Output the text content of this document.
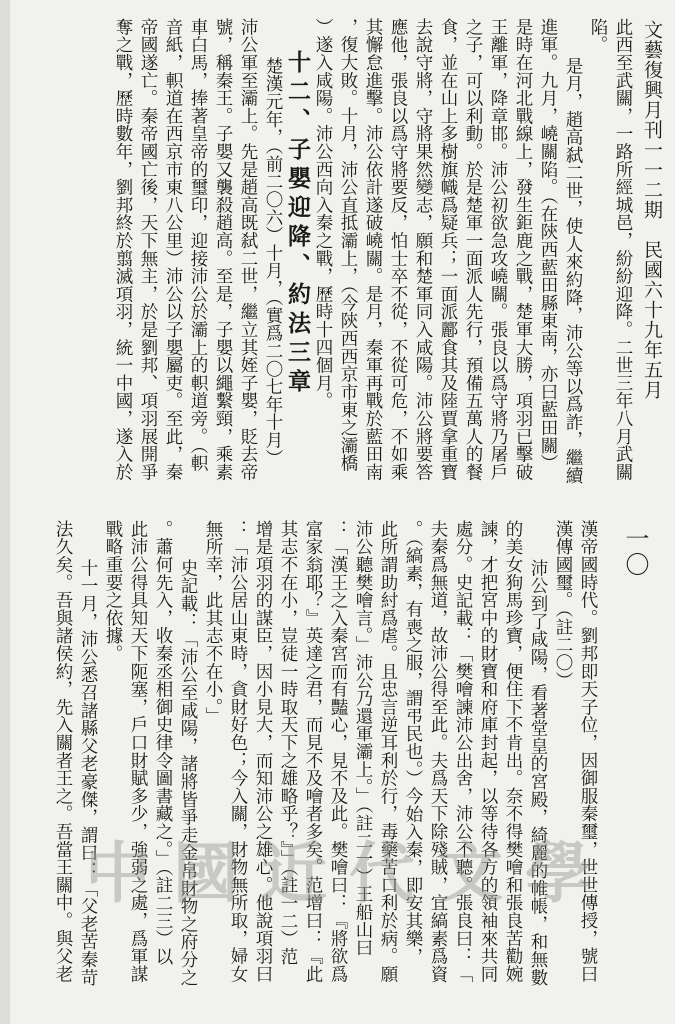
文藝復興月刊一一二期　民國六十九年五月
此西至武關，一路所經城邑，紛紛迎降。二世三年八月武關
陷。
是月，趙高弑二世，使人來約降，沛公等以爲詐，繼續
進軍。九月，嶢關陷。（在陝西藍田縣東南，亦曰藍田關）
是時在河北戰線上，發生鉅鹿之戰，楚軍大勝，項羽已擊破
王離軍，降章邯。沛公初欲急攻嶢關。張良以爲守將乃屠戶
之子，可以利動。於是楚軍一面派人先行，預備五萬人的餐
食，並在山上多樹旗幟爲疑兵；一面派酈食其及陸賈拿重寶
去說守將，守將果然變志，願和楚軍同入咸陽。沛公將要答
應他，張良以爲守將要反，怕士卒不從，不從可危，不如乘
其懈怠進擊。沛公依計遂破嶢關。是月，秦軍再戰於藍田南
，復大敗。十月，沛公直抵灞上，（今陝西西京市東之灞橋
）遂入咸陽。沛公西向入秦之戰，歷時十四個月。
十二、子嬰迎降、約法三章
楚漢元年，（前二〇六）十月，（實爲二〇七年十月）
沛公軍至灞上。先是趙高既弑二世，繼立其姪子嬰，貶去帝
號，稱秦王。子嬰又襲殺趙高。至是，子嬰以繩繫頸，乘素
車白馬，捧著皇帝的璽印，迎接沛公於灞上的軹道旁。（軹
音紙，軹道在西京市東八公里）沛公以子嬰屬吏。至此，秦
帝國遂亡。秦帝國亡後，天下無主，於是劉邦、項羽展開爭
奪之戰，歷時數年，劉邦終於翦滅項羽，統一中國，遂入於
一〇
漢帝國時代。劉邦即天子位，因御服秦璽，世世傳授，號曰
漢傳國璽。（註二〇）
沛公到了咸陽，看著堂皇的宮殿，綺麗的帷帳，和無數
的美女狗馬珍寶，便住下不肯出。奈不得樊噲和張良苦勸婉
諫，才把宮中的財寶和府庫封起，以等待各方的領袖來共同
處分。史記載：「樊噲諫沛公出舍，沛公不聽。張良曰：「
夫秦爲無道，故沛公得至此。夫爲天下除殘賊，宜縞素爲資
。（縞素，有喪之服，謂弔民也。）今始入秦，即安其樂，
此所謂助紂爲虐。且忠言逆耳利於行，毒藥苦口利於病。願
沛公聽樊噲言。」沛公乃還軍灞上。」（註二一）王船山曰
：「漢王之入秦宮而有豔心，見不及此。樊噲曰：『將欲爲
富家翁耶？』英達之君，而見不及噲者多矣。范增曰：『此
其志不在小，豈徒一時取天下之雄略乎？』」（註一二）范
增是項羽的謀臣，因小見大，而知沛公之雄心。他說項羽曰
：「沛公居山東時，貪財好色；今入關，財物無所取，婦女
無所幸，此其志不在小。」
史記載：「沛公至咸陽，諸將皆爭走金帛財物之府分之
。蕭何先入，收秦丞相御史律令圖書藏之。」（註二三）以
此沛公得具知天下阨塞，戶口財賦多少，強弱之處，爲軍謀
戰略重要之依據。
十一月，沛公悉召諸縣父老豪傑，謂曰：「父老苦秦苛
法久矣。吾與諸侯約，先入關者王之。吾當王關中。與父老 中國近代文學
